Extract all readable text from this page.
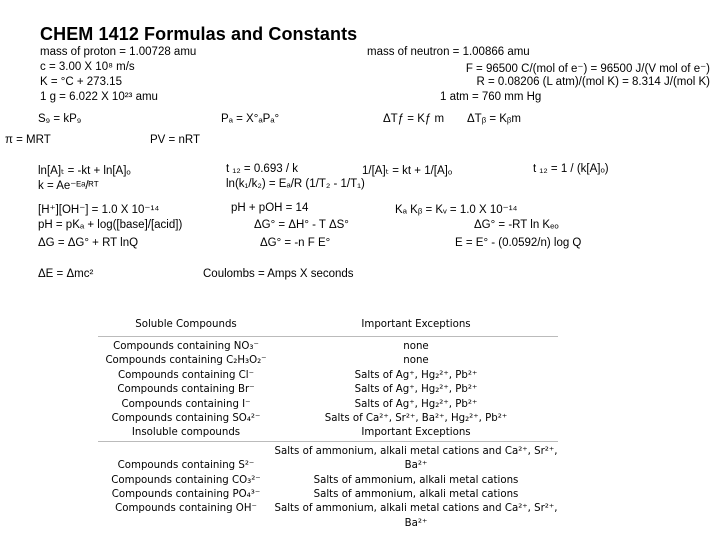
CHEM 1412 Formulas and Constants
mass of proton = 1.00728 amu	mass of neutron = 1.00866 amu
c = 3.00 X 10⁸ m/s	F = 96500 C/(mol of e⁻) = 96500 J/(V mol of e⁻)
K = °C + 273.15	R = 0.08206 (L atm)/(mol K) = 8.314 J/(mol K)
1 g = 6.022 X 10²³ amu	1 atm = 760 mm Hg
S₉ = kP₉	Pₐ = X°ₐPₐ°	ΔTƒ = Kƒ m ΔTᵦ = Kᵦm
π = MRT	PV = nRT
ln[A]ₜ = -kt + ln[A]ₒ	t ₁₂ = 0.693 / k	1/[A]ₜ = kt + 1/[A]ₒ	t ₁₂ = 1 / (k[A]ₒ)
k = Ae⁻ᴱᵃ/ᴿᵀ	ln(k₁/k₂) = Eₐ/R (1/T₂ - 1/T₁)
[H⁺][OH⁻] = 1.0 X 10⁻¹⁴	pH + pOH = 14	Kₐ Kᵦ = Kᵥ = 1.0 X 10⁻¹⁴
pH = pKₐ + log([base]/[acid])	ΔG° = ΔH° - T ΔS°	ΔG° = -RT ln Kₑₒ
ΔG = ΔG° + RT lnQ	ΔG° = -n F E°	E = E° - (0.0592/n) log Q
ΔE = Δmc²	Coulombs = Amps X seconds
Soluble Compounds	Important Exceptions

Compounds containing NO₃⁻	none
Compounds containing C₂H₃O₂⁻	none
Compounds containing Cl⁻	Salts of Ag⁺, Hg₂²⁺, Pb²⁺
Compounds containing Br⁻	Salts of Ag⁺, Hg₂²⁺, Pb²⁺
Compounds containing I⁻	Salts of Ag⁺, Hg₂²⁺, Pb²⁺
Compounds containing SO₄²⁻	Salts of Ca²⁺, Sr²⁺, Ba²⁺, Hg₂²⁺, Pb²⁺
Insoluble compounds	Important Exceptions

Compounds containing S²⁻	Salts of ammonium, alkali metal cations and Ca²⁺, Sr²⁺, Ba²⁺
Compounds containing CO₃²⁻	Salts of ammonium, alkali metal cations
Compounds containing PO₄³⁻	Salts of ammonium, alkali metal cations
Compounds containing OH⁻	Salts of ammonium, alkali metal cations and Ca²⁺, Sr²⁺, Ba²⁺
